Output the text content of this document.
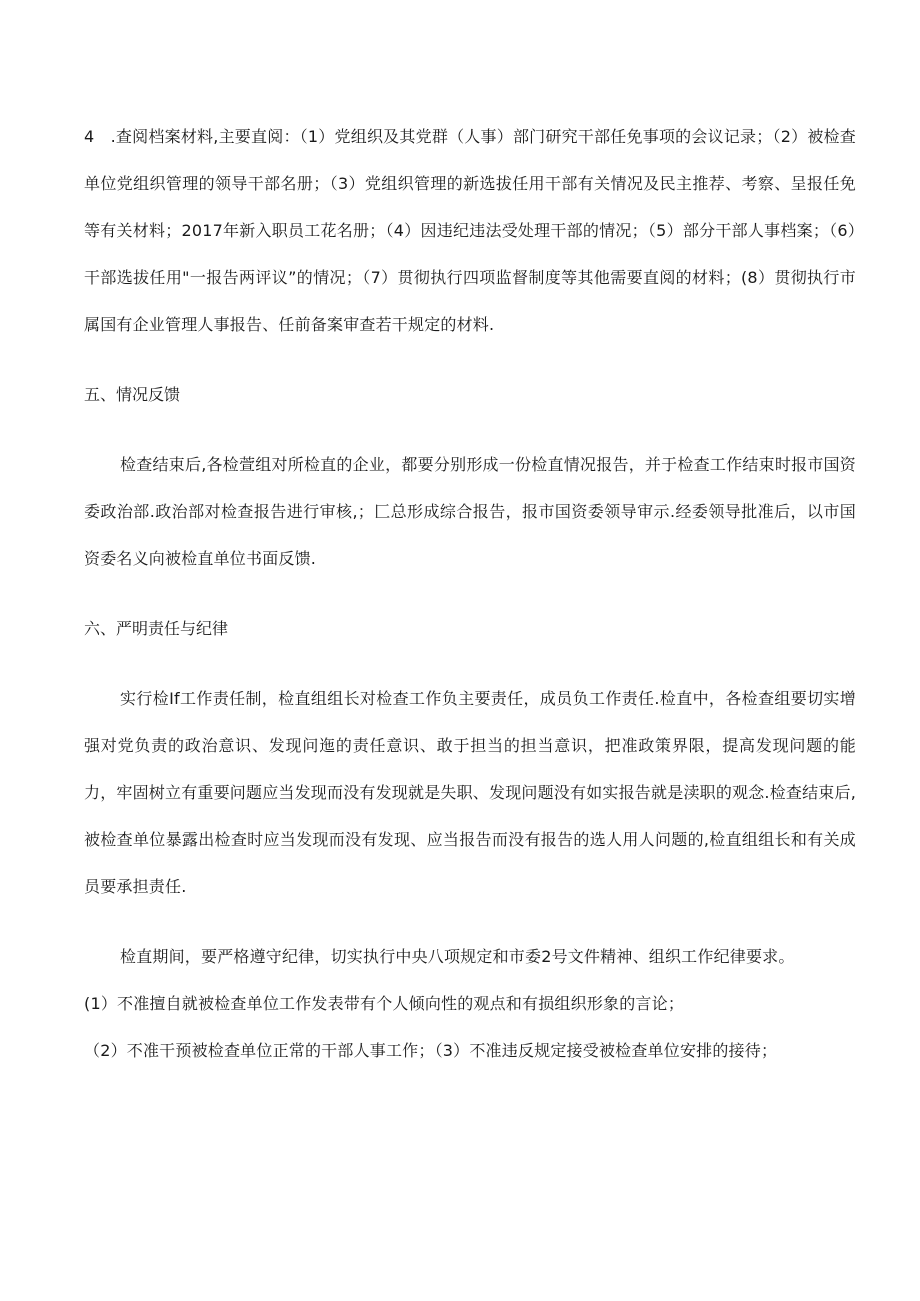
4　.查阅档案材料,主要直阅：（1）党组织及其党群（人事）部门研究干部任免事项的会议记录；（2）被检查单位党组织管理的领导干部名册；（3）党组织管理的新选拔任用干部有关情况及民主推荐、考察、呈报任免等有关材料；2017年新入职员工花名册；（4）因违纪违法受处理干部的情况；（5）部分干部人事档案；（6）干部选拔任用"一报告两评议”的情况；（7）贯彻执行四项监督制度等其他需要直阅的材料；(8）贯彻执行市属国有企业管理人事报告、任前备案审查若干规定的材料.

五、情况反馈

检查结束后,各检萱组对所检直的企业，都要分别形成一份检直情况报告，并于检查工作结束时报市国资委政治部.政治部对检查报告进行审核,；匚总形成综合报告，报市国资委领导审示.经委领导批准后，以市国资委名义向被检直单位书面反馈.

六、严明责任与纪律

实行检If工作责任制，检直组组长对检查工作负主要责任，成员负工作责任.检直中，各检查组要切实增强对党负责的政治意识、发现问迤的责任意识、敢于担当的担当意识，把准政策界限，提高发现问题的能力，牢固树立有重要问题应当发现而没有发现就是失职、发现问题没有如实报告就是渎职的观念.检查结束后,被检查单位暴露出检查时应当发现而没有发现、应当报告而没有报告的选人用人问题的,检直组组长和有关成员要承担责任.

检直期间，要严格遵守纪律，切实执行中央八项规定和市委2号文件精神、组织工作纪律要求。

(1）不准擅自就被检查单位工作发表带有个人倾向性的观点和有损组织形象的言论；

（2）不准干预被检查单位正常的干部人事工作；（3）不准违反规定接受被检查单位安排的接待；
